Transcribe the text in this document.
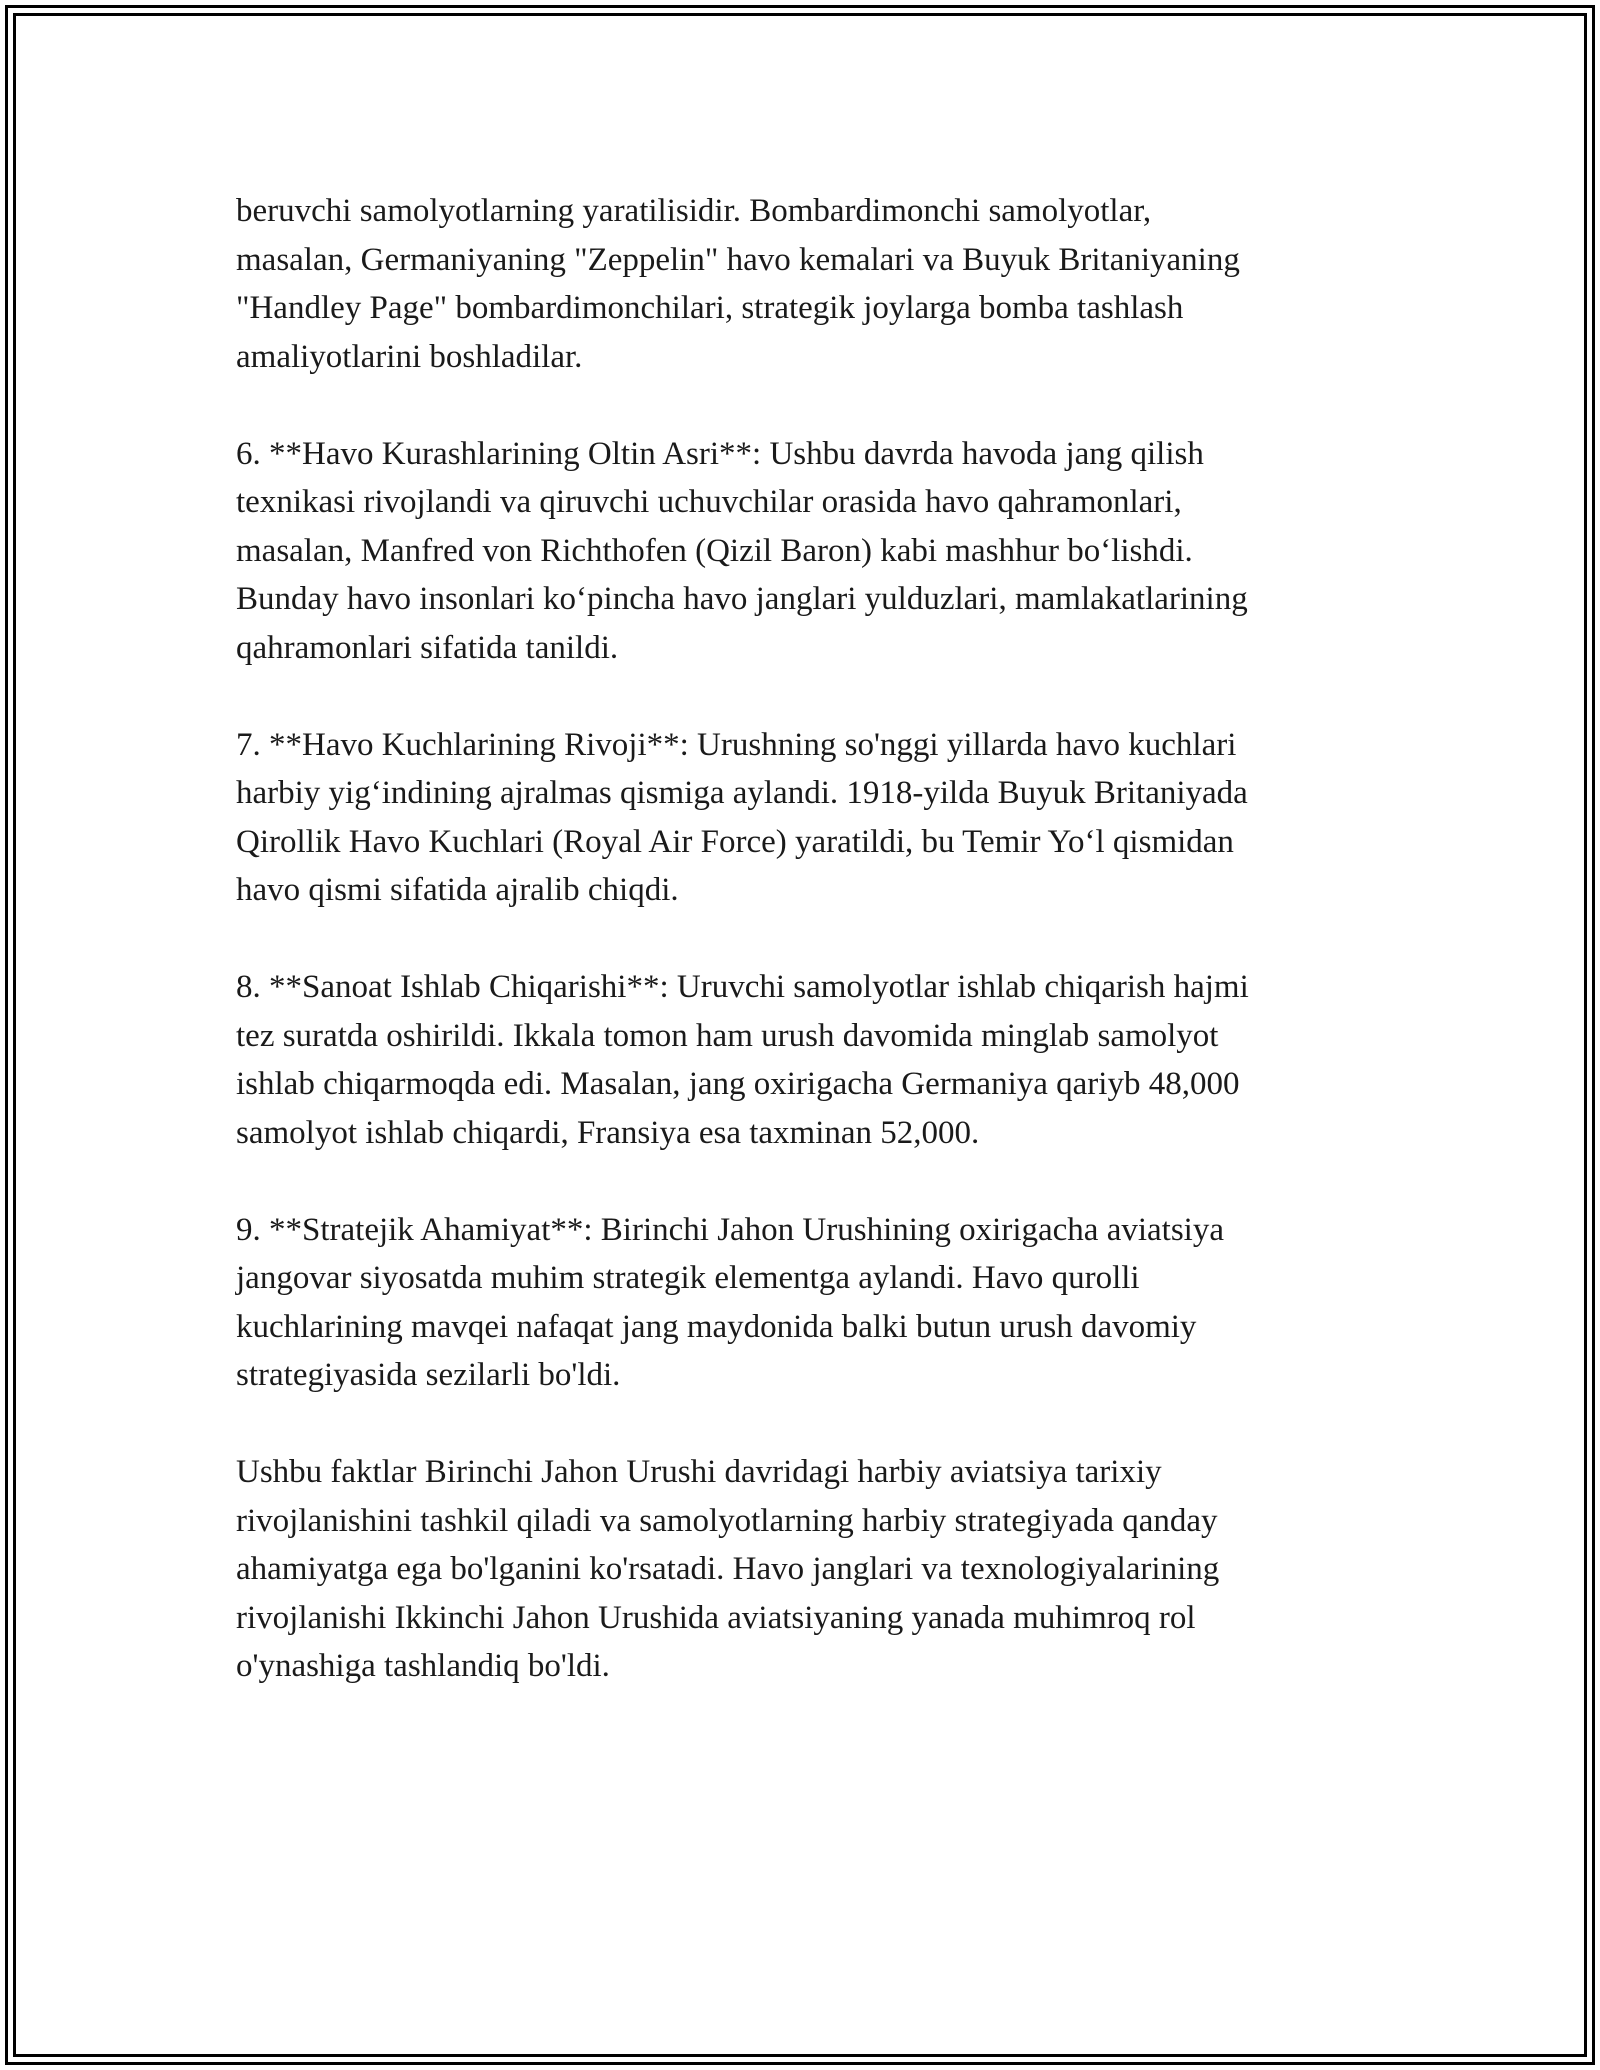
beruvchi samolyotlarning yaratilisidir. Bombardimonchi samolyotlar,
masalan, Germaniyaning "Zeppelin" havo kemalari va Buyuk Britaniyaning
"Handley Page" bombardimonchilari, strategik joylarga bomba tashlash
amaliyotlarini boshladilar.

6. **Havo Kurashlarining Oltin Asri**: Ushbu davrda havoda jang qilish
texnikasi rivojlandi va qiruvchi uchuvchilar orasida havo qahramonlari,
masalan, Manfred von Richthofen (Qizil Baron) kabi mashhur bo‘lishdi.
Bunday havo insonlari ko‘pincha havo janglari yulduzlari, mamlakatlarining
qahramonlari sifatida tanildi.

7. **Havo Kuchlarining Rivoji**: Urushning so'nggi yillarda havo kuchlari
harbiy yig‘indining ajralmas qismiga aylandi. 1918-yilda Buyuk Britaniyada
Qirollik Havo Kuchlari (Royal Air Force) yaratildi, bu Temir Yo‘l qismidan
havo qismi sifatida ajralib chiqdi.

8. **Sanoat Ishlab Chiqarishi**: Uruvchi samolyotlar ishlab chiqarish hajmi
tez suratda oshirildi. Ikkala tomon ham urush davomida minglab samolyot
ishlab chiqarmoqda edi. Masalan, jang oxirigacha Germaniya qariyb 48,000
samolyot ishlab chiqardi, Fransiya esa taxminan 52,000.

9. **Stratejik Ahamiyat**: Birinchi Jahon Urushining oxirigacha aviatsiya
jangovar siyosatda muhim strategik elementga aylandi. Havo qurolli
kuchlarining mavqei nafaqat jang maydonida balki butun urush davomiy
strategiyasida sezilarli bo'ldi.

Ushbu faktlar Birinchi Jahon Urushi davridagi harbiy aviatsiya tarixiy
rivojlanishini tashkil qiladi va samolyotlarning harbiy strategiyada qanday
ahamiyatga ega bo'lganini ko'rsatadi. Havo janglari va texnologiyalarining
rivojlanishi Ikkinchi Jahon Urushida aviatsiyaning yanada muhimroq rol
o'ynashiga tashlandiq bo'ldi.
